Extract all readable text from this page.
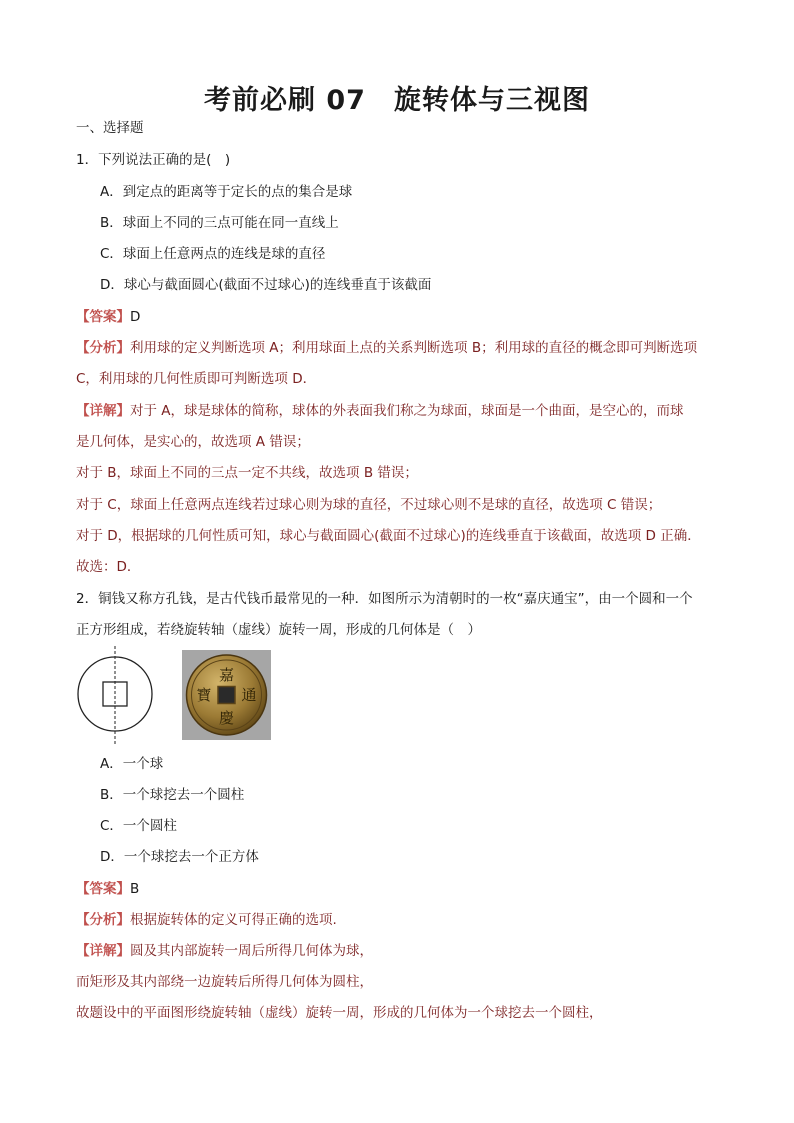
考前必刷 07　旋转体与三视图
一、选择题
1．下列说法正确的是(　)
A．到定点的距离等于定长的点的集合是球
B．球面上不同的三点可能在同一直线上
C．球面上任意两点的连线是球的直径
D．球心与截面圆心(截面不过球心)的连线垂直于该截面
【答案】D
【分析】利用球的定义判断选项 A；利用球面上点的关系判断选项 B；利用球的直径的概念即可判断选项
C，利用球的几何性质即可判断选项 D．
【详解】对于 A，球是球体的简称，球体的外表面我们称之为球面，球面是一个曲面，是空心的，而球
是几何体，是实心的，故选项 A 错误；
对于 B，球面上不同的三点一定不共线，故选项 B 错误；
对于 C，球面上任意两点连线若过球心则为球的直径，不过球心则不是球的直径，故选项 C 错误；
对于 D，根据球的几何性质可知，球心与截面圆心(截面不过球心)的连线垂直于该截面，故选项 D 正确．
故选：D．
2．铜钱又称方孔钱，是古代钱币最常见的一种．如图所示为清朝时的一枚“嘉庆通宝”，由一个圆和一个
正方形组成，若绕旋转轴（虚线）旋转一周，形成的几何体是（　）
嘉
慶
通
寶
A．一个球
B．一个球挖去一个圆柱
C．一个圆柱
D．一个球挖去一个正方体
【答案】B
【分析】根据旋转体的定义可得正确的选项.
【详解】圆及其内部旋转一周后所得几何体为球，
而矩形及其内部绕一边旋转后所得几何体为圆柱，
故题设中的平面图形绕旋转轴（虚线）旋转一周，形成的几何体为一个球挖去一个圆柱，
